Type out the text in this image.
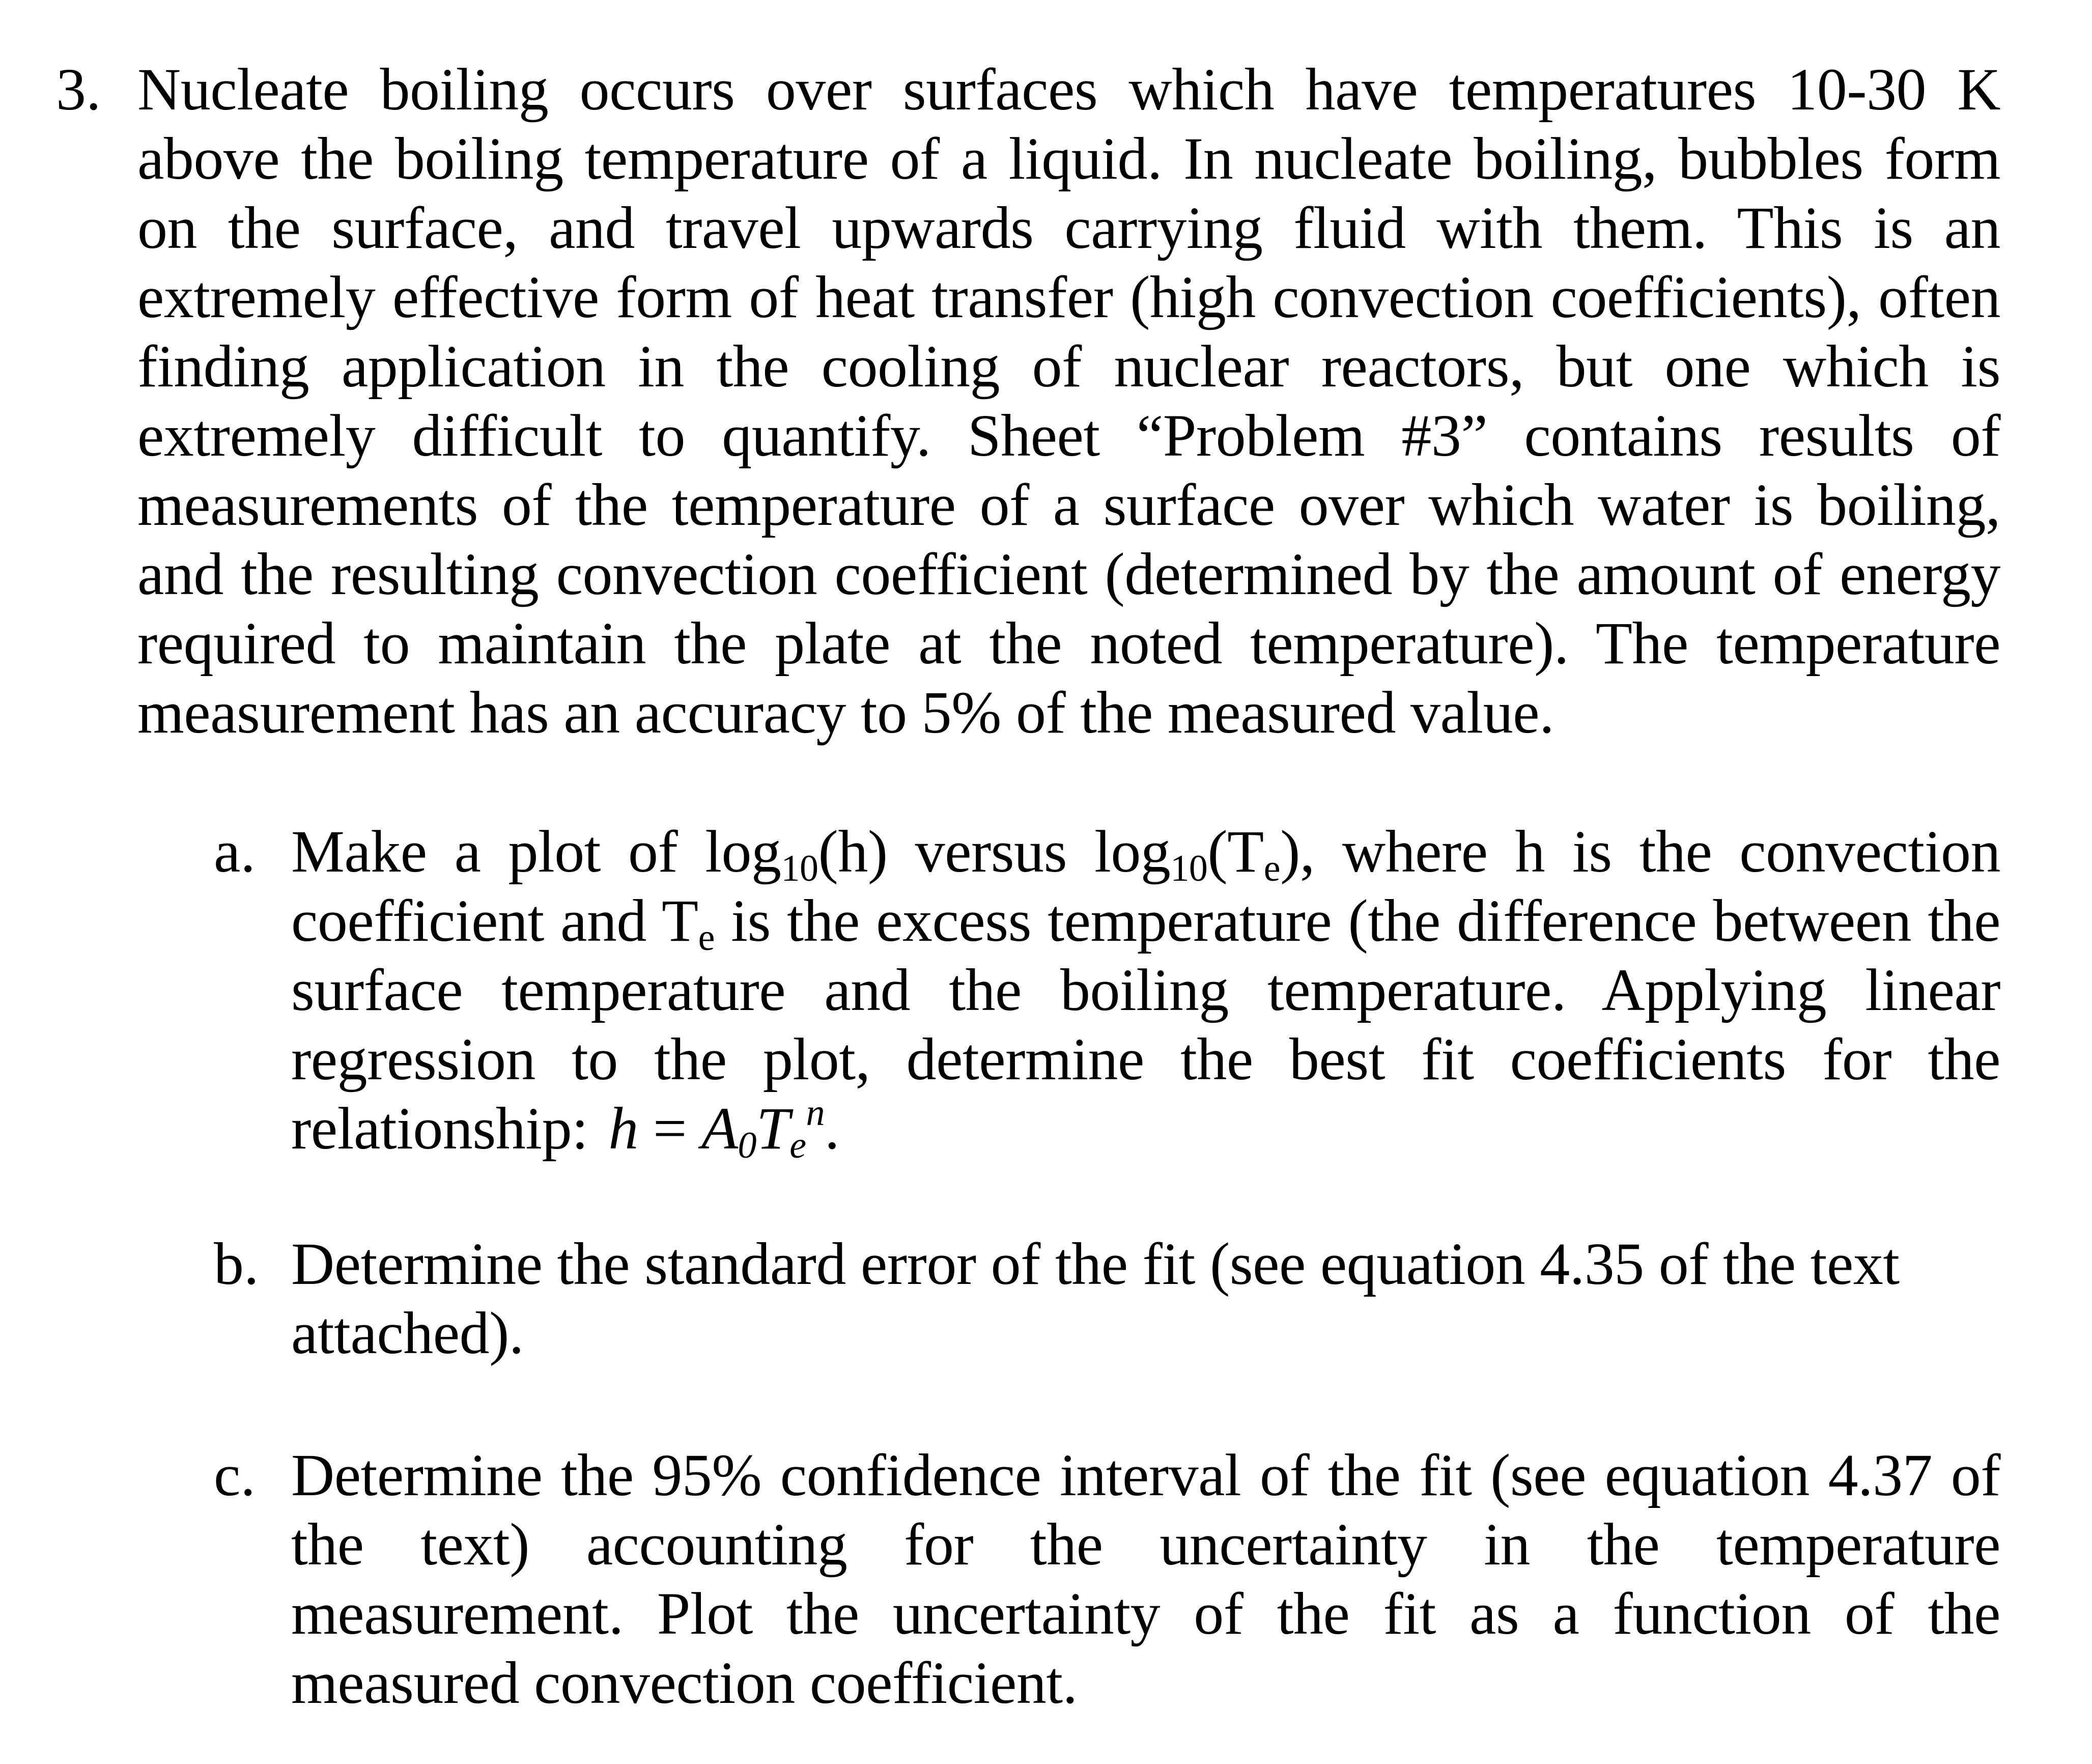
3. Nucleate boiling occurs over surfaces which have temperatures 10-30 K above the boiling temperature of a liquid. In nucleate boiling, bubbles form on the surface, and travel upwards carrying fluid with them. This is an extremely effective form of heat transfer (high convection coefficients), often finding application in the cooling of nuclear reactors, but one which is extremely difficult to quantify. Sheet “Problem #3” contains results of measurements of the temperature of a surface over which water is boiling, and the resulting convection coefficient (determined by the amount of energy required to maintain the plate at the noted temperature). The temperature measurement has an accuracy to 5% of the measured value.

a. Make a plot of $\log_{10}(h)$ versus $\log_{10}(T_e)$, where h is the convection coefficient and $T_e$ is the excess temperature (the difference between the surface temperature and the boiling temperature. Applying linear regression to the plot, determine the best fit coefficients for the relationship: $h = A_0T_e^n$.

b. Determine the standard error of the fit (see equation 4.35 of the text attached).

c. Determine the 95% confidence interval of the fit (see equation 4.37 of the text) accounting for the uncertainty in the temperature measurement. Plot the uncertainty of the fit as a function of the measured convection coefficient.
